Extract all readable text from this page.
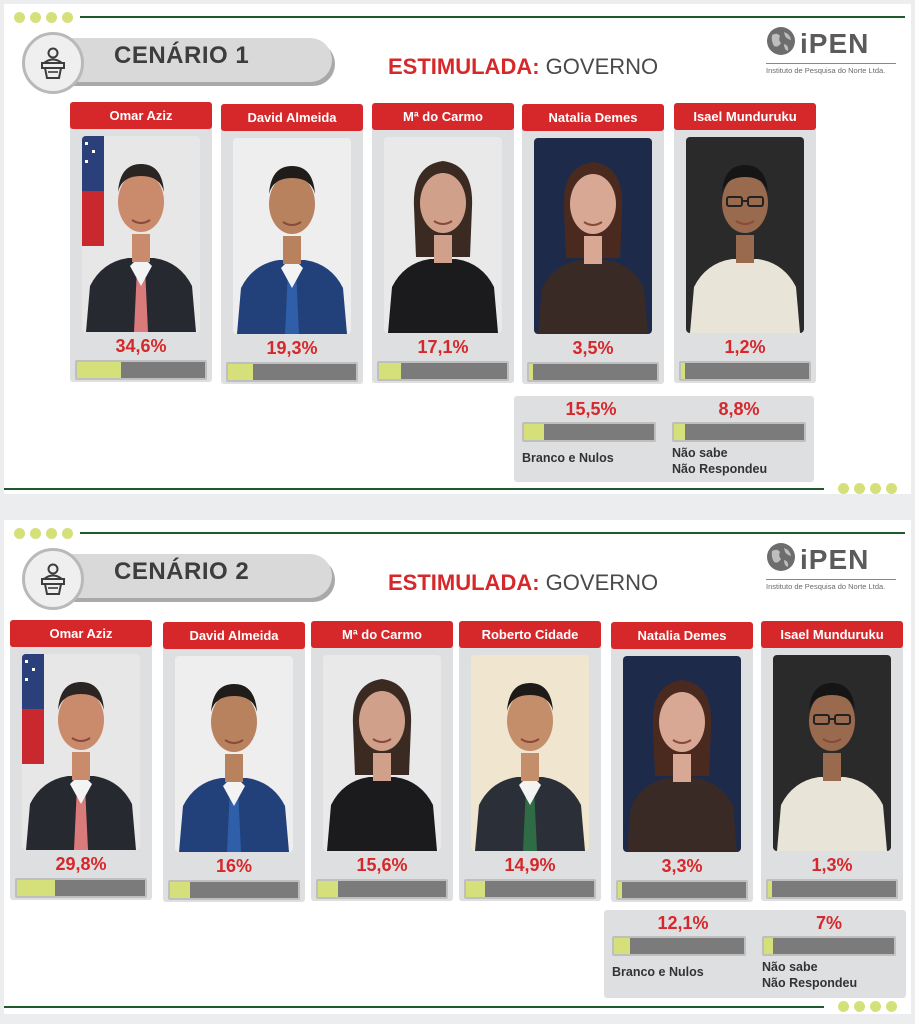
CENÁRIO 1	ESTIMULADA: GOVERNO
iPEN
Instituto de Pesquisa do Norte Ltda.
Omar Aziz
34,6%
David Almeida
19,3%
Mª do Carmo
17,1%
Natalia Demes
3,5%
Isael Munduruku
1,2%
15,5%
Branco e Nulos
8,8%
Não sabe
Não Respondeu
CENÁRIO 2	ESTIMULADA: GOVERNO
iPEN
Instituto de Pesquisa do Norte Ltda.
Omar Aziz
29,8%
David Almeida
16%
Mª do Carmo
15,6%
Roberto Cidade
14,9%
Natalia Demes
3,3%
Isael Munduruku
1,3%
12,1%
Branco e Nulos
7%
Não sabe
Não Respondeu
